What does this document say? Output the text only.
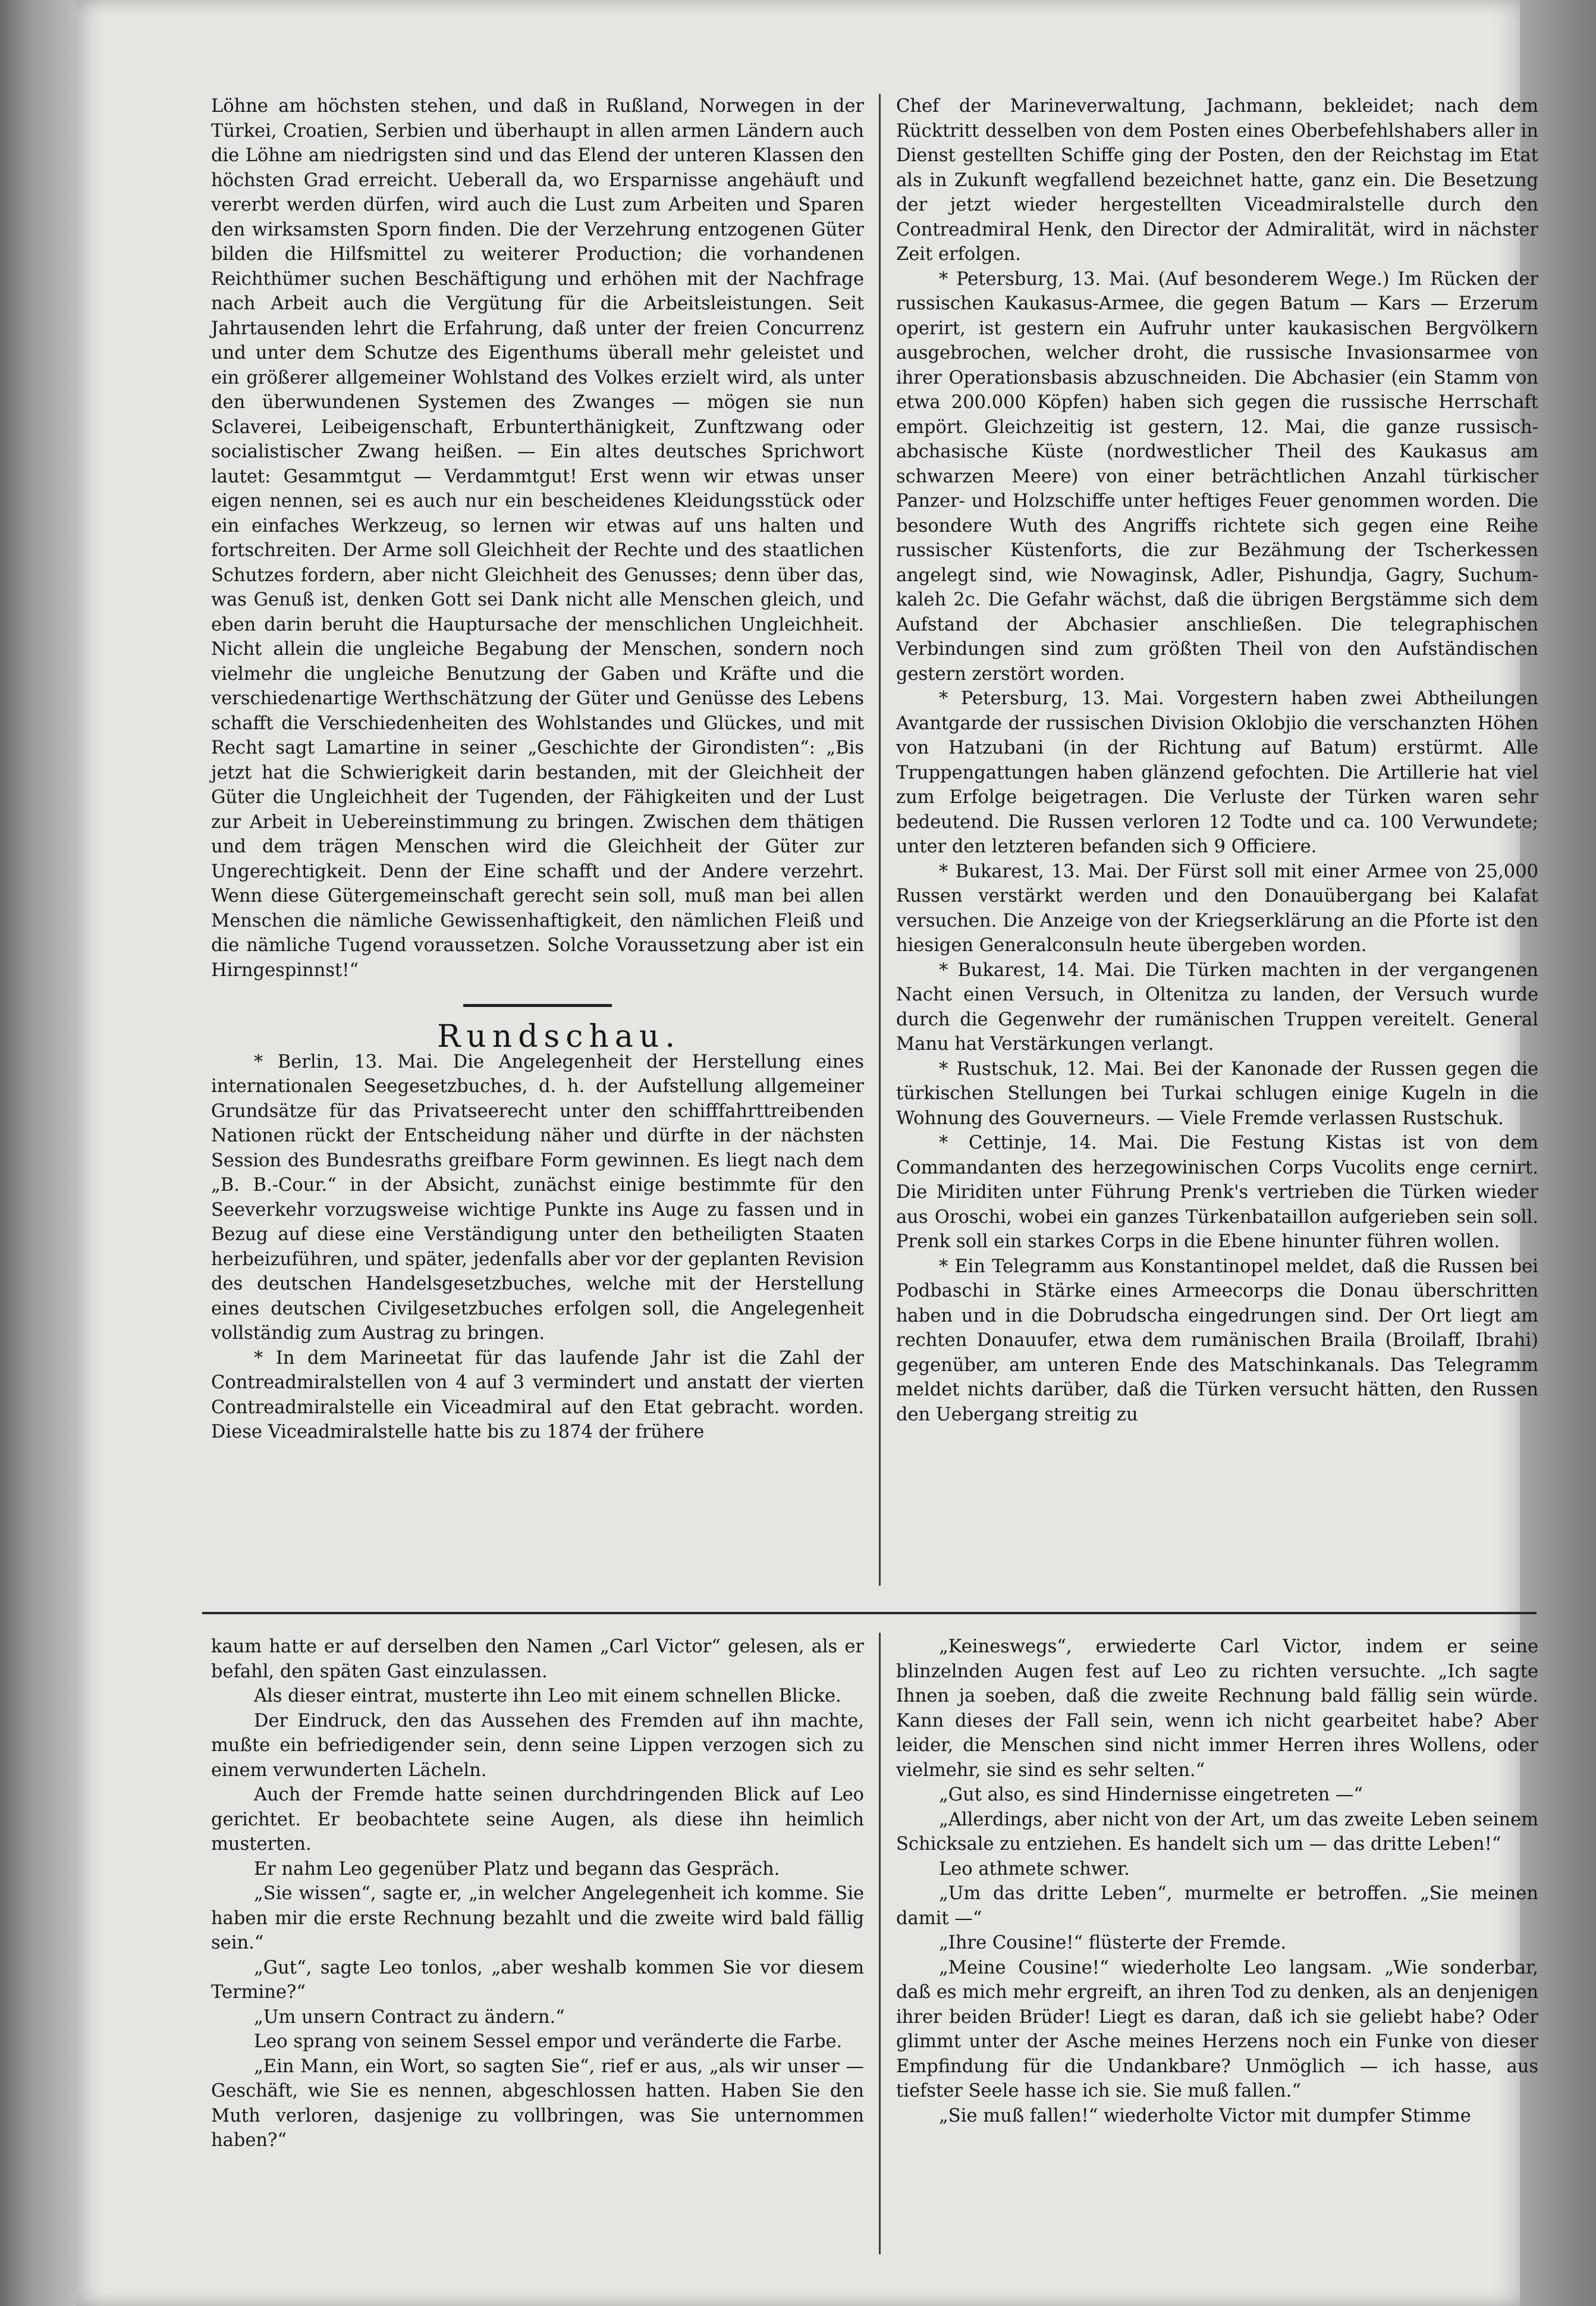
Löhne am höchsten stehen, und daß in Rußland, Norwegen in der Türkei, Croatien, Serbien und überhaupt in allen armen Ländern auch die Löhne am niedrigsten sind und das Elend der unteren Klassen den höchsten Grad erreicht. Ueberall da, wo Ersparnisse angehäuft und vererbt werden dürfen, wird auch die Lust zum Arbeiten und Sparen den wirksamsten Sporn finden. Die der Verzehrung entzogenen Güter bilden die Hilfsmittel zu weiterer Production; die vorhandenen Reichthümer suchen Beschäftigung und erhöhen mit der Nachfrage nach Arbeit auch die Vergütung für die Arbeitsleistungen. Seit Jahrtausenden lehrt die Erfahrung, daß unter der freien Concurrenz und unter dem Schutze des Eigenthums überall mehr geleistet und ein größerer allgemeiner Wohlstand des Volkes erzielt wird, als unter den überwundenen Systemen des Zwanges — mögen sie nun Sclaverei, Leibeigenschaft, Erbunterthänigkeit, Zunftzwang oder socialistischer Zwang heißen. — Ein altes deutsches Sprichwort lautet: Gesammtgut — Verdammtgut! Erst wenn wir etwas unser eigen nennen, sei es auch nur ein bescheidenes Kleidungsstück oder ein einfaches Werkzeug, so lernen wir etwas auf uns halten und fortschreiten. Der Arme soll Gleichheit der Rechte und des staatlichen Schutzes fordern, aber nicht Gleichheit des Genusses; denn über das, was Genuß ist, denken Gott sei Dank nicht alle Menschen gleich, und eben darin beruht die Hauptursache der menschlichen Ungleichheit. Nicht allein die ungleiche Begabung der Menschen, sondern noch vielmehr die ungleiche Benutzung der Gaben und Kräfte und die verschiedenartige Werthschätzung der Güter und Genüsse des Lebens schafft die Verschiedenheiten des Wohlstandes und Glückes, und mit Recht sagt Lamartine in seiner „Geschichte der Girondisten“: „Bis jetzt hat die Schwierigkeit darin bestanden, mit der Gleichheit der Güter die Ungleichheit der Tugenden, der Fähigkeiten und der Lust zur Arbeit in Uebereinstimmung zu bringen. Zwischen dem thätigen und dem trägen Menschen wird die Gleichheit der Güter zur Ungerechtigkeit. Denn der Eine schafft und der Andere verzehrt. Wenn diese Gütergemeinschaft gerecht sein soll, muß man bei allen Menschen die nämliche Gewissenhaftigkeit, den nämlichen Fleiß und die nämliche Tugend voraussetzen. Solche Voraussetzung aber ist ein Hirngespinnst!“

Rundschau.

* Berlin, 13. Mai. Die Angelegenheit der Herstellung eines internationalen Seegesetzbuches, d. h. der Aufstellung allgemeiner Grundsätze für das Privatseerecht unter den schifffahrttreibenden Nationen rückt der Entscheidung näher und dürfte in der nächsten Session des Bundesraths greifbare Form gewinnen. Es liegt nach dem „B. B.-Cour.“ in der Absicht, zunächst einige bestimmte für den Seeverkehr vorzugsweise wichtige Punkte ins Auge zu fassen und in Bezug auf diese eine Verständigung unter den betheiligten Staaten herbeizuführen, und später, jedenfalls aber vor der geplanten Revision des deutschen Handelsgesetzbuches, welche mit der Herstellung eines deutschen Civilgesetzbuches erfolgen soll, die Angelegenheit vollständig zum Austrag zu bringen.

* In dem Marineetat für das laufende Jahr ist die Zahl der Contreadmiralstellen von 4 auf 3 vermindert und anstatt der vierten Contreadmiralstelle ein Viceadmiral auf den Etat gebracht. worden. Diese Viceadmiralstelle hatte bis zu 1874 der frühere

Chef der Marineverwaltung, Jachmann, bekleidet; nach dem Rücktritt desselben von dem Posten eines Oberbefehlshabers aller in Dienst gestellten Schiffe ging der Posten, den der Reichstag im Etat als in Zukunft wegfallend bezeichnet hatte, ganz ein. Die Besetzung der jetzt wieder hergestellten Viceadmiralstelle durch den Contreadmiral Henk, den Director der Admiralität, wird in nächster Zeit erfolgen.

* Petersburg, 13. Mai. (Auf besonderem Wege.) Im Rücken der russischen Kaukasus-Armee, die gegen Batum — Kars — Erzerum operirt, ist gestern ein Aufruhr unter kaukasischen Bergvölkern ausgebrochen, welcher droht, die russische Invasionsarmee von ihrer Operationsbasis abzuschneiden. Die Abchasier (ein Stamm von etwa 200.000 Köpfen) haben sich gegen die russische Herrschaft empört. Gleichzeitig ist gestern, 12. Mai, die ganze russisch-abchasische Küste (nordwestlicher Theil des Kaukasus am schwarzen Meere) von einer beträchtlichen Anzahl türkischer Panzer- und Holzschiffe unter heftiges Feuer genommen worden. Die besondere Wuth des Angriffs richtete sich gegen eine Reihe russischer Küstenforts, die zur Bezähmung der Tscherkessen angelegt sind, wie Nowaginsk, Adler, Pishundja, Gagry, Suchum-kaleh 2c. Die Gefahr wächst, daß die übrigen Bergstämme sich dem Aufstand der Abchasier anschließen. Die telegraphischen Verbindungen sind zum größten Theil von den Aufständischen gestern zerstört worden.

* Petersburg, 13. Mai. Vorgestern haben zwei Abtheilungen Avantgarde der russischen Division Oklobjio die verschanzten Höhen von Hatzubani (in der Richtung auf Batum) erstürmt. Alle Truppengattungen haben glänzend gefochten. Die Artillerie hat viel zum Erfolge beigetragen. Die Verluste der Türken waren sehr bedeutend. Die Russen verloren 12 Todte und ca. 100 Verwundete; unter den letzteren befanden sich 9 Officiere.

* Bukarest, 13. Mai. Der Fürst soll mit einer Armee von 25,000 Russen verstärkt werden und den Donauübergang bei Kalafat versuchen. Die Anzeige von der Kriegserklärung an die Pforte ist den hiesigen Generalconsuln heute übergeben worden.

* Bukarest, 14. Mai. Die Türken machten in der vergangenen Nacht einen Versuch, in Oltenitza zu landen, der Versuch wurde durch die Gegenwehr der rumänischen Truppen vereitelt. General Manu hat Verstärkungen verlangt.

* Rustschuk, 12. Mai. Bei der Kanonade der Russen gegen die türkischen Stellungen bei Turkai schlugen einige Kugeln in die Wohnung des Gouverneurs. — Viele Fremde verlassen Rustschuk.

* Cettinje, 14. Mai. Die Festung Kistas ist von dem Commandanten des herzegowinischen Corps Vucolits enge cernirt. Die Miriditen unter Führung Prenk's vertrieben die Türken wieder aus Oroschi, wobei ein ganzes Türkenbataillon aufgerieben sein soll. Prenk soll ein starkes Corps in die Ebene hinunter führen wollen.

* Ein Telegramm aus Konstantinopel meldet, daß die Russen bei Podbaschi in Stärke eines Armeecorps die Donau überschritten haben und in die Dobrudscha eingedrungen sind. Der Ort liegt am rechten Donauufer, etwa dem rumänischen Braila (Broilaff, Ibrahi) gegenüber, am unteren Ende des Matschinkanals. Das Telegramm meldet nichts darüber, daß die Türken versucht hätten, den Russen den Uebergang streitig zu

kaum hatte er auf derselben den Namen „Carl Victor“ gelesen, als er befahl, den späten Gast einzulassen.

Als dieser eintrat, musterte ihn Leo mit einem schnellen Blicke.

Der Eindruck, den das Aussehen des Fremden auf ihn machte, mußte ein befriedigender sein, denn seine Lippen verzogen sich zu einem verwunderten Lächeln.

Auch der Fremde hatte seinen durchdringenden Blick auf Leo gerichtet. Er beobachtete seine Augen, als diese ihn heimlich musterten.

Er nahm Leo gegenüber Platz und begann das Gespräch.

„Sie wissen“, sagte er, „in welcher Angelegenheit ich komme. Sie haben mir die erste Rechnung bezahlt und die zweite wird bald fällig sein.“

„Gut“, sagte Leo tonlos, „aber weshalb kommen Sie vor diesem Termine?“

„Um unsern Contract zu ändern.“

Leo sprang von seinem Sessel empor und veränderte die Farbe.

„Ein Mann, ein Wort, so sagten Sie“, rief er aus, „als wir unser — Geschäft, wie Sie es nennen, abgeschlossen hatten. Haben Sie den Muth verloren, dasjenige zu vollbringen, was Sie unternommen haben?“

„Keineswegs“, erwiederte Carl Victor, indem er seine blinzelnden Augen fest auf Leo zu richten versuchte. „Ich sagte Ihnen ja soeben, daß die zweite Rechnung bald fällig sein würde. Kann dieses der Fall sein, wenn ich nicht gearbeitet habe? Aber leider, die Menschen sind nicht immer Herren ihres Wollens, oder vielmehr, sie sind es sehr selten.“

„Gut also, es sind Hindernisse eingetreten —“

„Allerdings, aber nicht von der Art, um das zweite Leben seinem Schicksale zu entziehen. Es handelt sich um — das dritte Leben!“

Leo athmete schwer.

„Um das dritte Leben“, murmelte er betroffen. „Sie meinen damit —“

„Ihre Cousine!“ flüsterte der Fremde.

„Meine Cousine!“ wiederholte Leo langsam. „Wie sonderbar, daß es mich mehr ergreift, an ihren Tod zu denken, als an denjenigen ihrer beiden Brüder! Liegt es daran, daß ich sie geliebt habe? Oder glimmt unter der Asche meines Herzens noch ein Funke von dieser Empfindung für die Undankbare? Unmöglich — ich hasse, aus tiefster Seele hasse ich sie. Sie muß fallen.“

„Sie muß fallen!“ wiederholte Victor mit dumpfer Stimme
